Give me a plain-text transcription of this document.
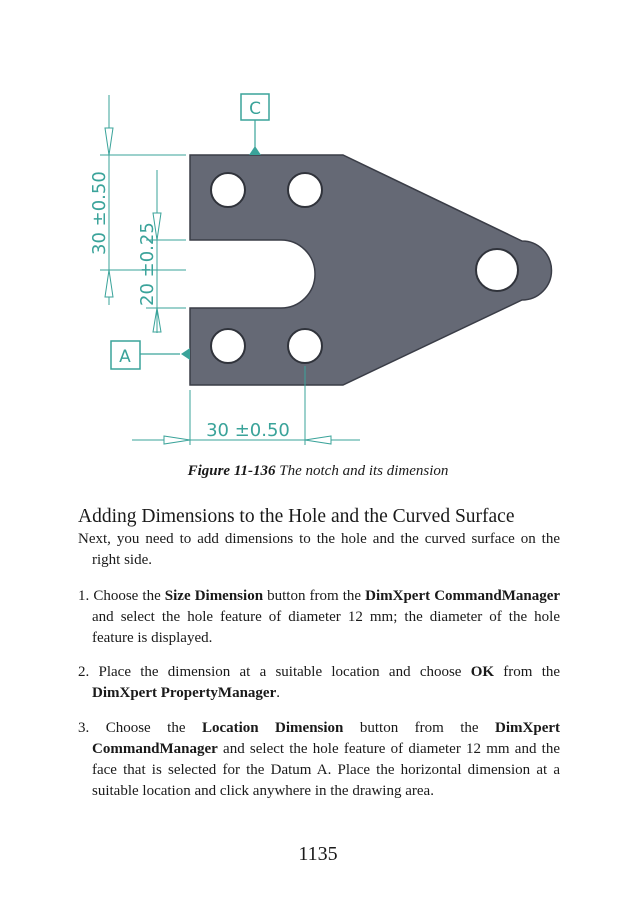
C
A
30 ±0.50
20 ±0.25
30 ±0.50
Figure 11-136 The notch and its dimension
Adding Dimensions to the Hole and the Curved Surface

Next, you need to add dimensions to the hole and the curved surface on the right side.

1. Choose the Size Dimension button from the DimXpert CommandManager and select the hole feature of diameter 12 mm; the diameter of the hole feature is displayed.

2. Place the dimension at a suitable location and choose OK from the DimXpert PropertyManager.

3. Choose the Location Dimension button from the DimXpert CommandManager and select the hole feature of diameter 12 mm and the face that is selected for the Datum A. Place the horizontal dimension at a suitable location and click anywhere in the drawing area.

1135
